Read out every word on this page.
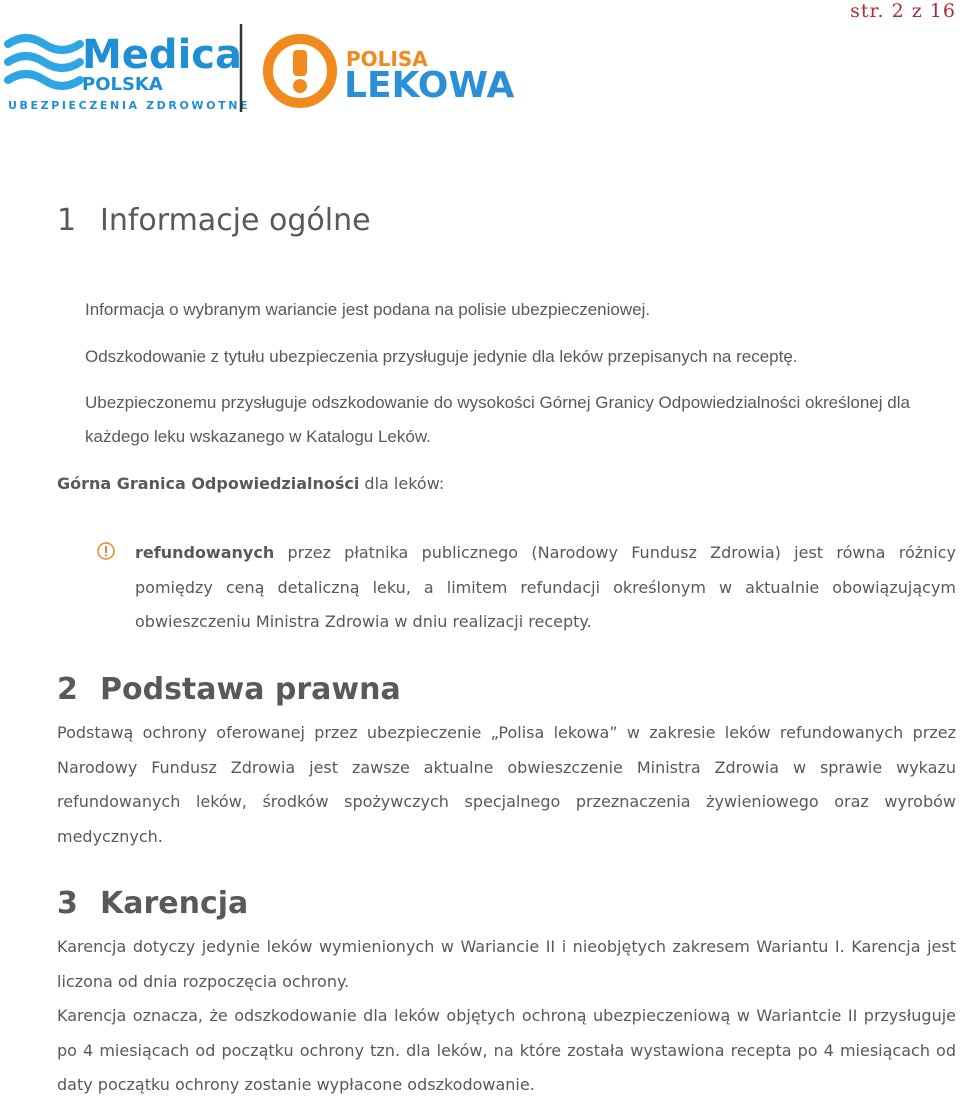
str. 2 z 16
Medica
POLSKA
UBEZPIECZENIA ZDROWOTNE
POLISA
LEKOWA
1 Informacje ogólne
Informacja o wybranym wariancie jest podana na polisie ubezpieczeniowej.
Odszkodowanie z tytułu ubezpieczenia przysługuje jedynie dla leków przepisanych na receptę.
Ubezpieczonemu przysługuje odszkodowanie do wysokości Górnej Granicy Odpowiedzialności określonej dla każdego leku wskazanego w Katalogu Leków.
Górna Granica Odpowiedzialności dla leków:
refundowanych przez płatnika publicznego (Narodowy Fundusz Zdrowia) jest równa różnicy pomiędzy ceną detaliczną leku, a limitem refundacji określonym w aktualnie obowiązującym obwieszczeniu Ministra Zdrowia w dniu realizacji recepty.
2 Podstawa prawna
Podstawą ochrony oferowanej przez ubezpieczenie „Polisa lekowa” w zakresie leków refundowanych przez Narodowy Fundusz Zdrowia jest zawsze aktualne obwieszczenie Ministra Zdrowia w sprawie wykazu refundowanych leków, środków spożywczych specjalnego przeznaczenia żywieniowego oraz wyrobów medycznych.
3 Karencja
Karencja dotyczy jedynie leków wymienionych w Wariancie II i nieobjętych zakresem Wariantu I. Karencja jest liczona od dnia rozpoczęcia ochrony.
Karencja oznacza, że odszkodowanie dla leków objętych ochroną ubezpieczeniową w Wariantcie II przysługuje po 4 miesiącach od początku ochrony tzn. dla leków, na które została wystawiona recepta po 4 miesiącach od daty początku ochrony zostanie wypłacone odszkodowanie.
